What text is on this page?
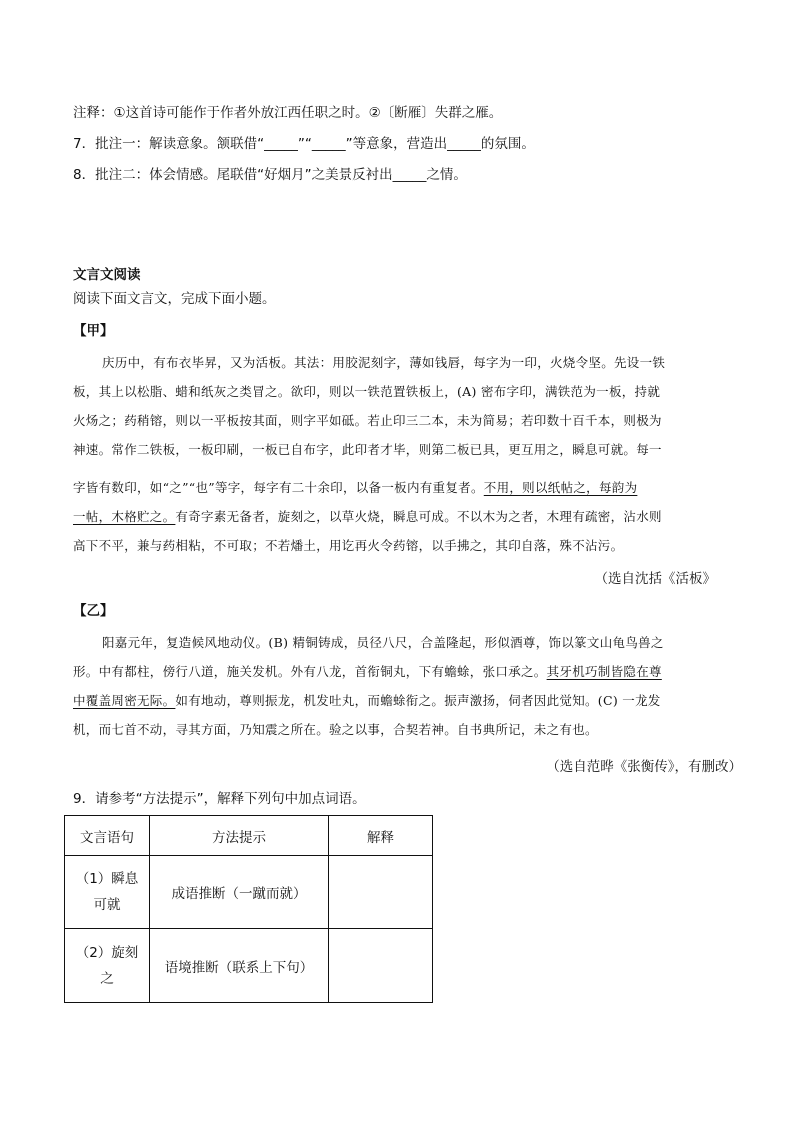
注释：①这首诗可能作于作者外放江西任职之时。②〔断雁〕失群之雁。
7．批注一：解读意象。颔联借“_____”“_____”等意象，营造出_____的氛围。
8．批注二：体会情感。尾联借“好烟月”之美景反衬出_____之情。
文言文阅读
阅读下面文言文，完成下面小题。
【甲】
庆历中，有布衣毕昇，又为活板。其法：用胶泥刻字，薄如钱唇，每字为一印，火烧令坚。先设一铁
板，其上以松脂、蜡和纸灰之类冒之。欲印，则以一铁范置铁板上，(A) 密布字印，满铁范为一板，持就
火炀之；药稍镕，则以一平板按其面，则字平如砥。若止印三二本，未为简易；若印数十百千本，则极为
神速。常作二铁板，一板印刷，一板已自布字，此印者才毕，则第二板已具，更互用之，瞬息可就。每一
字皆有数印，如“之”“也”等字，每字有二十余印，以备一板内有重复者。不用，则以纸帖之，每韵为
一帖，木格贮之。有奇字素无备者，旋刻之，以草火烧，瞬息可成。不以木为之者，木理有疏密，沾水则
高下不平，兼与药相粘，不可取；不若燔土，用讫再火令药镕，以手拂之，其印自落，殊不沾污。
（选自沈括《活板》
【乙】
阳嘉元年，复造候风地动仪。(B) 精铜铸成，员径八尺，合盖隆起，形似酒尊，饰以篆文山龟鸟兽之
形。中有都柱，傍行八道，施关发机。外有八龙，首衔铜丸，下有蟾蜍，张口承之。其牙机巧制皆隐在尊
中覆盖周密无际。如有地动，尊则振龙，机发吐丸，而蟾蜍衔之。振声激扬，伺者因此觉知。(C) 一龙发
机，而七首不动，寻其方面，乃知震之所在。验之以事，合契若神。自书典所记，未之有也。
（选自范晔《张衡传》，有删改）
9．请参考“方法提示”，解释下列句中加点词语。
文言语句	方法提示	解释

（1）瞬息
可就	成语推断（一蹴而就）	

（2）旋刻
之	语境推断（联系上下句）	
